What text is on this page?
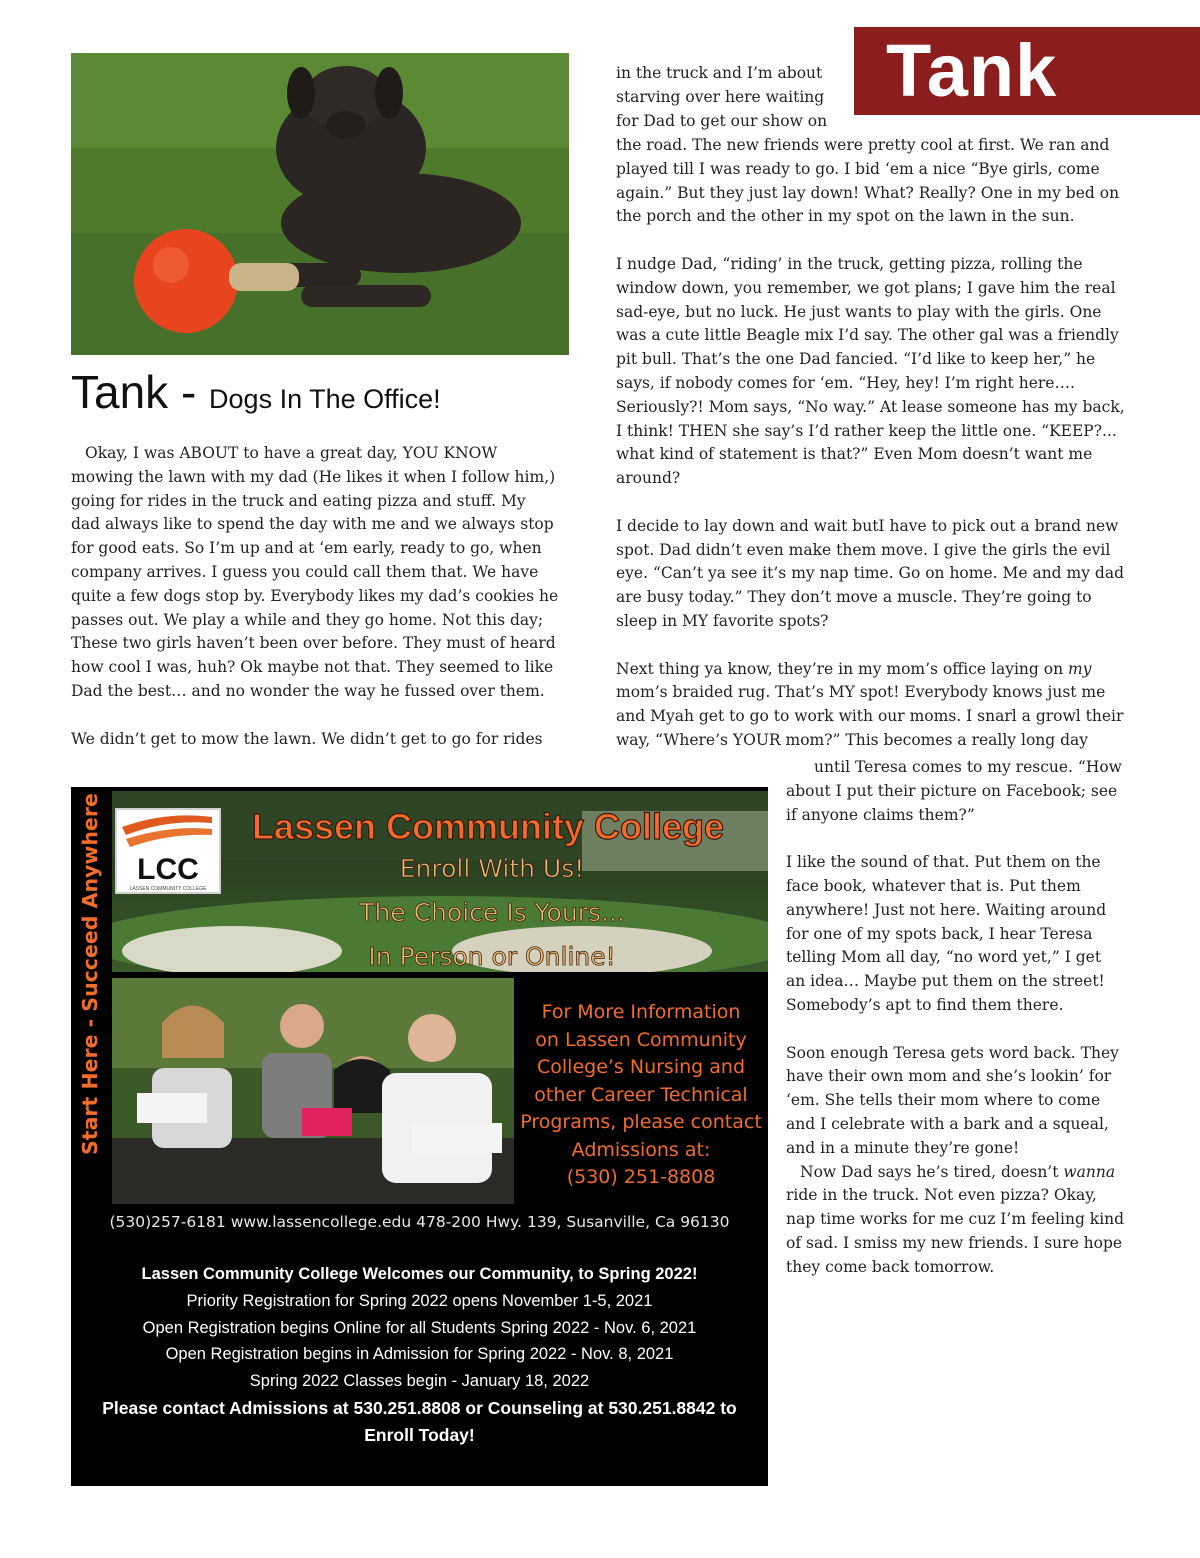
Tank
Tank - Dogs In The Office!

Okay, I was ABOUT to have a great day, YOU KNOW

mowing the lawn with my dad (He likes it when I follow him,)

going for rides in the truck and eating pizza and stuff. My

dad always like to spend the day with me and we always stop

for good eats. So I’m up and at ‘em early, ready to go, when

company arrives. I guess you could call them that. We have

quite a few dogs stop by. Everybody likes my dad’s cookies he

passes out. We play a while and they go home. Not this day;

These two girls haven’t been over before. They must of heard

how cool I was, huh? Ok maybe not that. They seemed to like

Dad the best… and no wonder the way he fussed over them.

We didn’t get to mow the lawn. We didn’t get to go for rides

in the truck and I’m about

starving over here waiting

for Dad to get our show on

the road. The new friends were pretty cool at first. We ran and

played till I was ready to go. I bid ‘em a nice “Bye girls, come

again.” But they just lay down! What? Really? One in my bed on

the porch and the other in my spot on the lawn in the sun.

I nudge Dad, “riding’ in the truck, getting pizza, rolling the

window down, you remember, we got plans; I gave him the real

sad-eye, but no luck. He just wants to play with the girls. One

was a cute little Beagle mix I’d say. The other gal was a friendly

pit bull. That’s the one Dad fancied. “I’d like to keep her,” he

says, if nobody comes for ‘em. “Hey, hey! I’m right here….

Seriously?! Mom says, “No way.” At lease someone has my back,

I think! THEN she say’s I’d rather keep the little one. “KEEP?...

what kind of statement is that?” Even Mom doesn’t want me

around?

I decide to lay down and wait butI have to pick out a brand new

spot. Dad didn’t even make them move. I give the girls the evil

eye. “Can’t ya see it’s my nap time. Go on home. Me and my dad

are busy today.” They don’t move a muscle. They’re going to

sleep in MY favorite spots?

Next thing ya know, they’re in my mom’s office laying on my

mom’s braided rug. That’s MY spot! Everybody knows just me

and Myah get to go to work with our moms. I snarl a growl their

way, “Where’s YOUR mom?” This becomes a really long day

until Teresa comes to my rescue. “How

about I put their picture on Facebook; see

if anyone claims them?”

I like the sound of that. Put them on the

face book, whatever that is. Put them

anywhere! Just not here. Waiting around

for one of my spots back, I hear Teresa

telling Mom all day, “no word yet,” I get

an idea… Maybe put them on the street!

Somebody’s apt to find them there.

Soon enough Teresa gets word back. They

have their own mom and she’s lookin’ for

‘em. She tells their mom where to come

and I celebrate with a bark and a squeal,

and in a minute they’re gone!

Now Dad says he’s tired, doesn’t wanna

ride in the truck. Not even pizza? Okay,

nap time works for me cuz I’m feeling kind

of sad. I smiss my new friends. I sure hope

they come back tomorrow.

Start Here - Succeed Anywhere LCC
LASSEN COMMUNITY COLLEGE
Lassen Community College
Enroll With Us!
The Choice Is Yours...
In Person or Online!
For More Information
on Lassen Community
College’s Nursing and
other Career Technical
Programs, please contact
Admissions at:
(530) 251-8808
(530)257-6181 www.lassencollege.edu 478-200 Hwy. 139, Susanville, Ca 96130
Lassen Community College Welcomes our Community, to Spring 2022!
Priority Registration for Spring 2022 opens November 1-5, 2021
Open Registration begins Online for all Students Spring 2022 - Nov. 6, 2021
Open Registration begins in Admission for Spring 2022 - Nov. 8, 2021
Spring 2022 Classes begin - January 18, 2022
Please contact Admissions at 530.251.8808 or Counseling at 530.251.8842 to Enroll Today!
